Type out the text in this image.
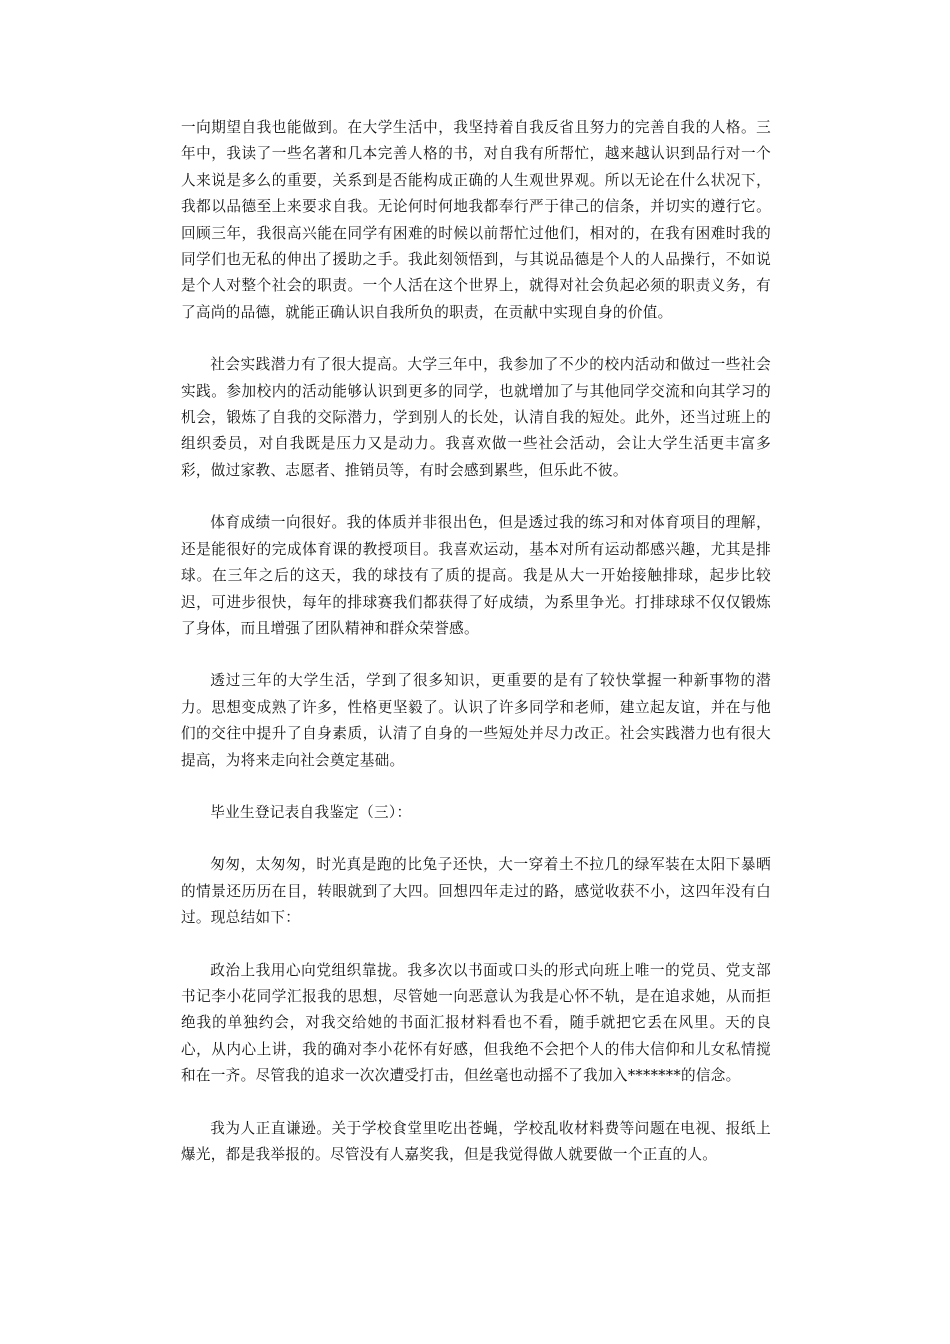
一向期望自我也能做到。在大学生活中，我坚持着自我反省且努力的完善自我的人格。三年中，我读了一些名著和几本完善人格的书，对自我有所帮忙，越来越认识到品行对一个人来说是多么的重要，关系到是否能构成正确的人生观世界观。所以无论在什么状况下，我都以品德至上来要求自我。无论何时何地我都奉行严于律己的信条，并切实的遵行它。回顾三年，我很高兴能在同学有困难的时候以前帮忙过他们，相对的，在我有困难时我的同学们也无私的伸出了援助之手。我此刻领悟到，与其说品德是个人的人品操行，不如说是个人对整个社会的职责。一个人活在这个世界上，就得对社会负起必须的职责义务，有了高尚的品德，就能正确认识自我所负的职责，在贡献中实现自身的价值。

社会实践潜力有了很大提高。大学三年中，我参加了不少的校内活动和做过一些社会实践。参加校内的活动能够认识到更多的同学，也就增加了与其他同学交流和向其学习的机会，锻炼了自我的交际潜力，学到别人的长处，认清自我的短处。此外，还当过班上的组织委员，对自我既是压力又是动力。我喜欢做一些社会活动，会让大学生活更丰富多彩，做过家教、志愿者、推销员等，有时会感到累些，但乐此不彼。

体育成绩一向很好。我的体质并非很出色，但是透过我的练习和对体育项目的理解，还是能很好的完成体育课的教授项目。我喜欢运动，基本对所有运动都感兴趣，尤其是排球。在三年之后的这天，我的球技有了质的提高。我是从大一开始接触排球，起步比较迟，可进步很快，每年的排球赛我们都获得了好成绩，为系里争光。打排球球不仅仅锻炼了身体，而且增强了团队精神和群众荣誉感。

透过三年的大学生活，学到了很多知识，更重要的是有了较快掌握一种新事物的潜力。思想变成熟了许多，性格更坚毅了。认识了许多同学和老师，建立起友谊，并在与他们的交往中提升了自身素质，认清了自身的一些短处并尽力改正。社会实践潜力也有很大提高，为将来走向社会奠定基础。

毕业生登记表自我鉴定（三）：

匆匆，太匆匆，时光真是跑的比兔子还快，大一穿着土不拉几的绿军装在太阳下暴晒的情景还历历在目，转眼就到了大四。回想四年走过的路，感觉收获不小，这四年没有白过。现总结如下：

政治上我用心向党组织靠拢。我多次以书面或口头的形式向班上唯一的党员、党支部书记李小花同学汇报我的思想，尽管她一向恶意认为我是心怀不轨，是在追求她，从而拒绝我的单独约会，对我交给她的书面汇报材料看也不看，随手就把它丢在风里。天的良心，从内心上讲，我的确对李小花怀有好感，但我绝不会把个人的伟大信仰和儿女私情搅和在一齐。尽管我的追求一次次遭受打击，但丝毫也动摇不了我加入*******的信念。

我为人正直谦逊。关于学校食堂里吃出苍蝇，学校乱收材料费等问题在电视、报纸上爆光，都是我举报的。尽管没有人嘉奖我，但是我觉得做人就要做一个正直的人。
